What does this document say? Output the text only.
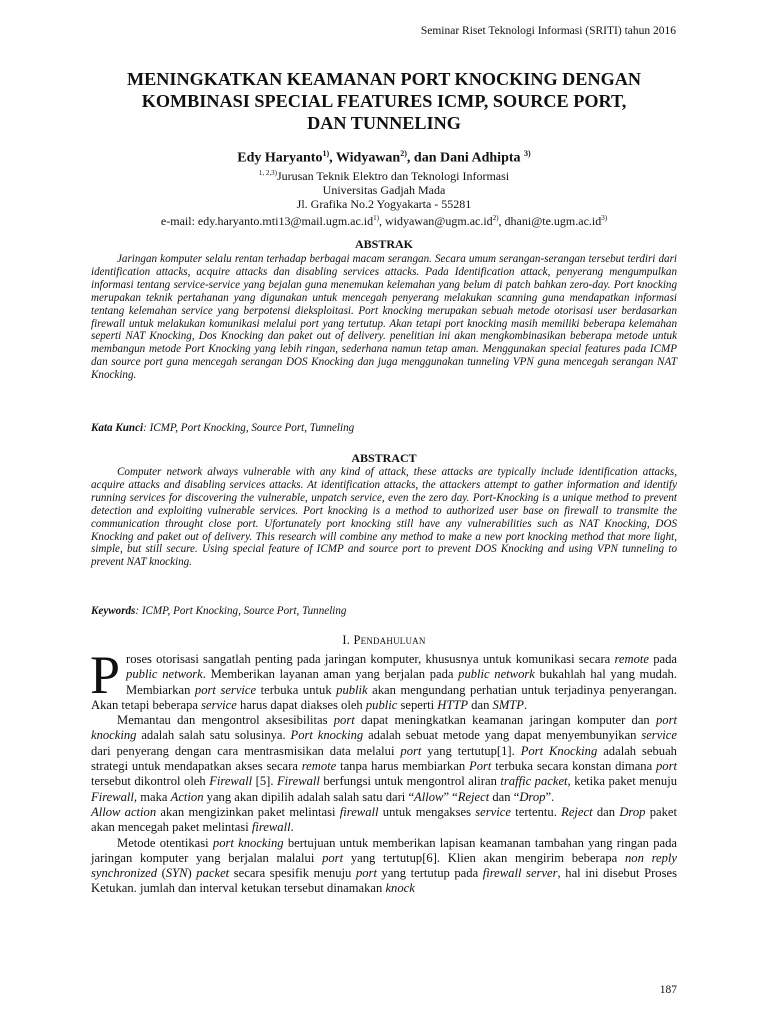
Seminar Riset Teknologi Informasi (SRITI) tahun 2016
MENINGKATKAN KEAMANAN PORT KNOCKING DENGAN
KOMBINASI SPECIAL FEATURES ICMP, SOURCE PORT,
DAN TUNNELING
Edy Haryanto$^{1)}$, Widyawan$^{2)}$, dan Dani Adhipta $^{3)}$
$^{1, 2,3)}$Jurusan Teknik Elektro dan Teknologi Informasi
Universitas Gadjah Mada
Jl. Grafika No.2 Yogyakarta - 55281
e-mail: $edy.haryanto.mti13@mail.ugm.ac.id^{1)}$, $widyawan@ugm.ac.id^{2)}$, $dhani@te.ugm.ac.id^{3)}$
ABSTRAK
Jaringan komputer selalu rentan terhadap berbagai macam serangan. Secara umum serangan-serangan tersebut terdiri dari identification attacks, acquire attacks dan disabling services attacks. Pada Identification attack, penyerang mengumpulkan informasi tentang service-service yang bejalan guna menemukan kelemahan yang belum di patch bahkan zero-day. Port knocking merupakan teknik pertahanan yang digunakan untuk mencegah penyerang melakukan scanning guna mendapatkan informasi tentang kelemahan service yang berpotensi dieksploitasi. Port knocking merupakan sebuah metode otorisasi user berdasarkan firewall untuk melakukan komunikasi melalui port yang tertutup. Akan tetapi port knocking masih memiliki beberapa kelemahan seperti NAT Knocking, Dos Knocking dan paket out of delivery. penelitian ini akan mengkombinasikan beberapa metode untuk membangun metode Port Knocking yang lebih ringan, sederhana namun tetap aman. Menggunakan special features pada ICMP dan source port guna mencegah serangan DOS Knocking dan juga menggunakan tunneling VPN guna mencegah serangan NAT Knocking.
Kata Kunci: ICMP, Port Knocking, Source Port, Tunneling
ABSTRACT
Computer network always vulnerable with any kind of attack, these attacks are typically include identification attacks, acquire attacks and disabling services attacks. At identification attacks, the attackers attempt to gather information and identify running services for discovering the vulnerable, unpatch service, even the zero day. Port-Knocking is a unique method to prevent detection and exploiting vulnerable services. Port knocking is a method to authorized user base on firewall to transmite the communication throught close port. Ufortunately port knocking still have any vulnerabilities such as NAT Knocking, DOS Knocking and paket out of delivery. This research will combine any method to make a new port knocking method that more light, simple, but still secure. Using special feature of ICMP and source port to prevent DOS Knocking and using VPN tunneling to prevent NAT knocking.
Keywords: ICMP, Port Knocking, Source Port, Tunneling
I. Pendahuluan

Proses otorisasi sangatlah penting pada jaringan komputer, khususnya untuk komunikasi secara remote pada public network. Memberikan layanan aman yang berjalan pada public network bukahlah hal yang mudah. Membiarkan port service terbuka untuk publik akan mengundang perhatian untuk terjadinya penyerangan. Akan tetapi beberapa service harus dapat diakses oleh public seperti HTTP dan SMTP.

Memantau dan mengontrol aksesibilitas port dapat meningkatkan keamanan jaringan komputer dan port knocking adalah salah satu solusinya. Port knocking adalah sebuat metode yang dapat menyembunyikan service dari penyerang dengan cara mentrasmisikan data melalui port yang tertutup[1]. Port Knocking adalah sebuah strategi untuk mendapatkan akses secara remote tanpa harus membiarkan Port terbuka secara konstan dimana port tersebut dikontrol oleh Firewall [5]. Firewall berfungsi untuk mengontrol aliran traffic packet, ketika paket menuju Firewall, maka Action yang akan dipilih adalah salah satu dari “Allow” “Reject dan “Drop”.

Allow action akan mengizinkan paket melintasi firewall untuk mengakses service tertentu. Reject dan Drop paket akan mencegah paket melintasi firewall.

Metode otentikasi port knocking bertujuan untuk memberikan lapisan keamanan tambahan yang ringan pada jaringan komputer yang berjalan malalui port yang tertutup[6]. Klien akan mengirim beberapa non reply synchronized (SYN) packet secara spesifik menuju port yang tertutup pada firewall server, hal ini disebut Proses Ketukan. jumlah dan interval ketukan tersebut dinamakan knock

187
